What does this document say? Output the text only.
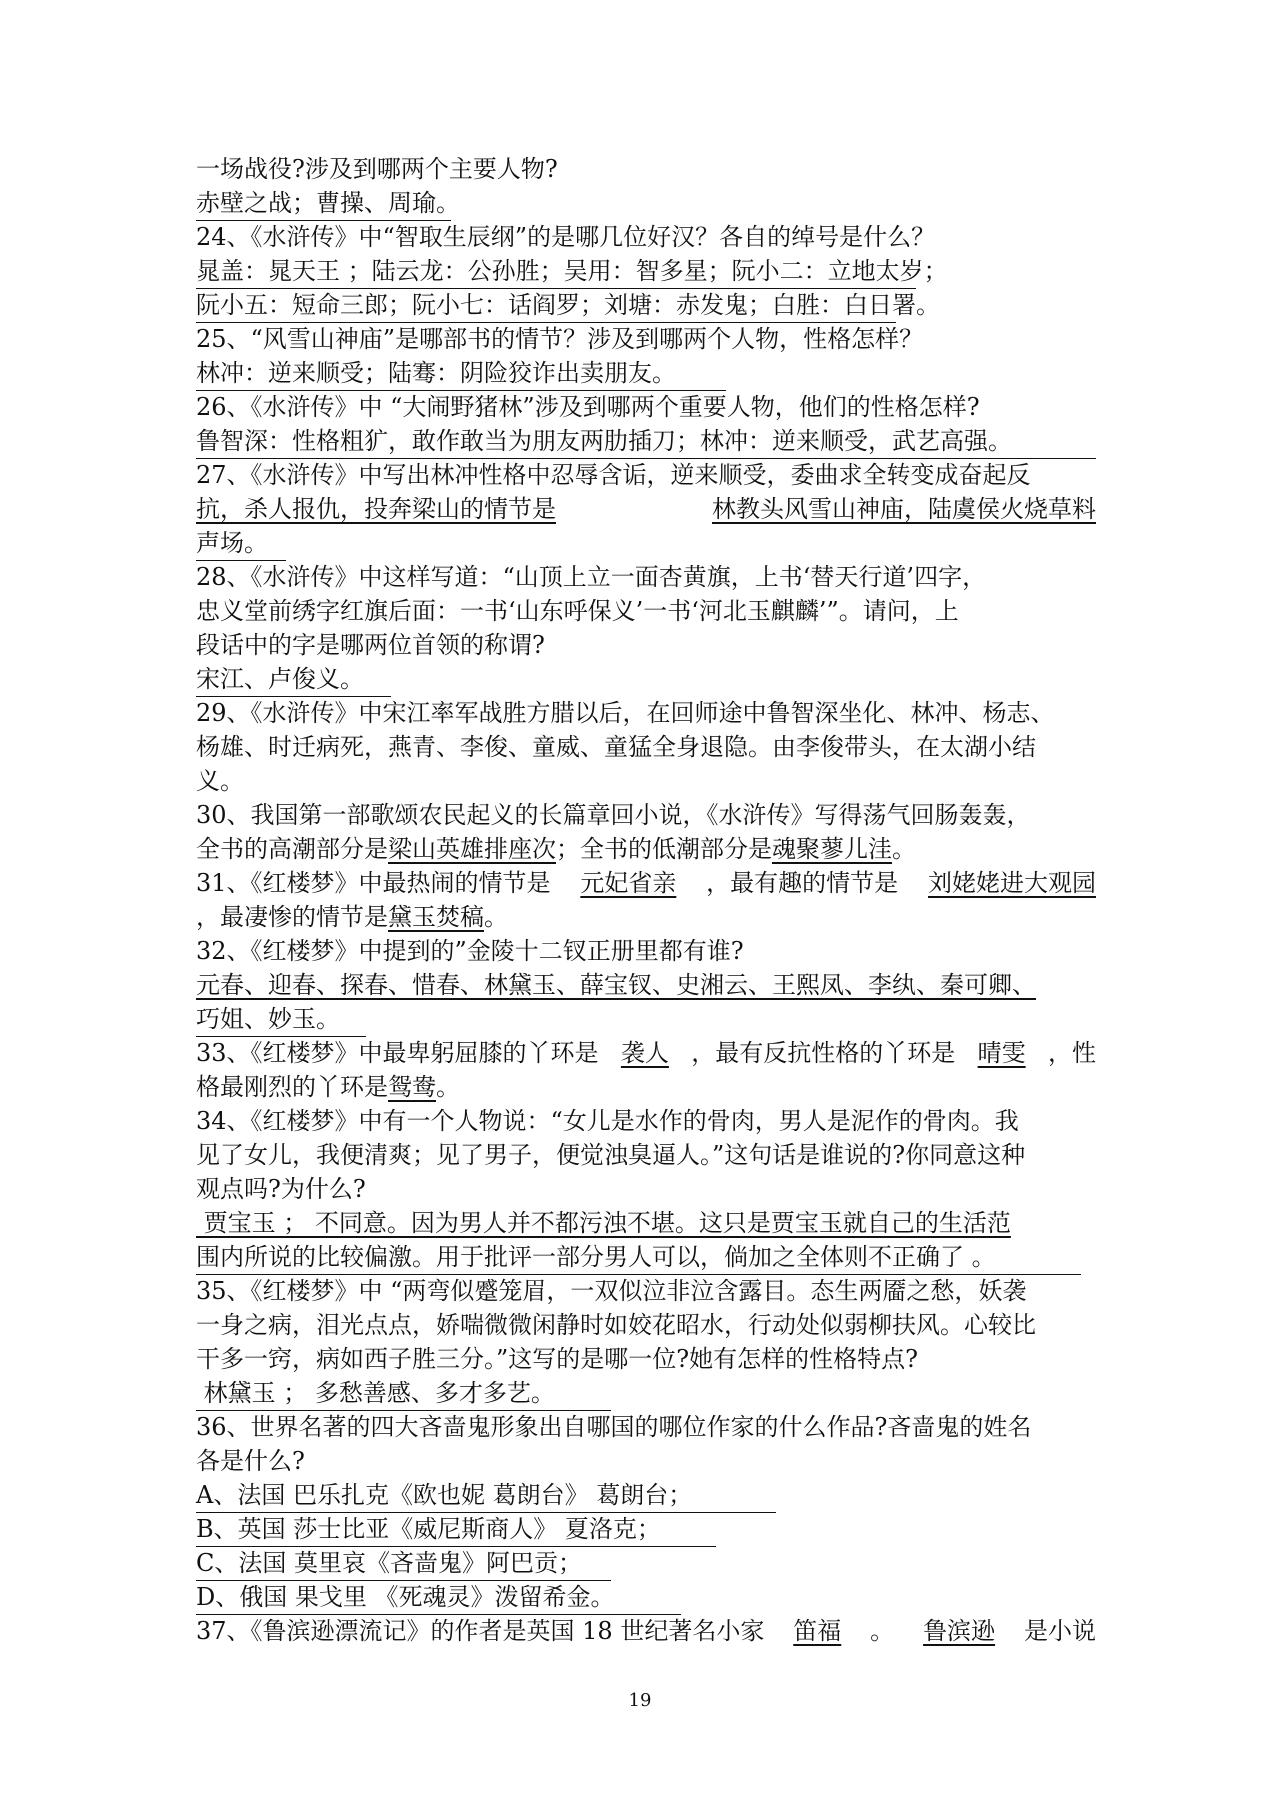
一场战役?涉及到哪两个主要人物?
赤壁之战；曹操、周瑜。
24、《水浒传》中“智取生辰纲”的是哪几位好汉？各自的绰号是什么？
晁盖：晁天王 ；陆云龙：公孙胜；吴用：智多星；阮小二：立地太岁；
阮小五：短命三郎；阮小七：话阎罗；刘塘：赤发鬼；白胜：白日署。
25、“风雪山神庙”是哪部书的情节？涉及到哪两个人物，性格怎样？
林冲：逆来顺受；陆骞：阴险狡诈出卖朋友。
26、《水浒传》中 “大闹野猪林”涉及到哪两个重要人物，他们的性格怎样?
鲁智深：性格粗犷，敢作敢当为朋友两肋插刀；林冲：逆来顺受，武艺高强。
27、《水浒传》中写出林冲性格中忍辱含诟，逆来顺受，委曲求全转变成奋起反
抗，杀人报仇，投奔梁山的情节是	林教头风雪山神庙，陆虞侯火烧草料
声场。
28、《水浒传》中这样写道：“山顶上立一面杏黄旗，上书‘替天行道’四字，
忠义堂前绣字红旗后面：一书‘山东呼保义’一书‘河北玉麒麟’”。请问，上
段话中的字是哪两位首领的称谓?
宋江、卢俊义。
29、《水浒传》中宋江率军战胜方腊以后，在回师途中鲁智深坐化、林冲、杨志、
杨雄、时迁病死，燕青、李俊、童威、童猛全身退隐。由李俊带头，在太湖小结
义。
30、我国第一部歌颂农民起义的长篇章回小说，《水浒传》写得荡气回肠轰轰，
全书的高潮部分是梁山英雄排座次；全书的低潮部分是魂聚蓼儿洼。
31、《红楼梦》中最热闹的情节是 元妃省亲 ，最有趣的情节是 刘姥姥进大观园
，最凄惨的情节是黛玉焚稿。
32、《红楼梦》中提到的”金陵十二钗正册里都有谁?
元春、迎春、探春、惜春、林黛玉、薛宝钗、史湘云、王熙凤、李纨、秦可卿、
巧姐、妙玉。
33、《红楼梦》中最卑躬屈膝的丫环是 袭人 ，最有反抗性格的丫环是 晴雯 ，性
格最刚烈的丫环是鸳鸯。
34、《红楼梦》中有一个人物说：“女儿是水作的骨肉，男人是泥作的骨肉。我
见了女儿，我便清爽；见了男子，便觉浊臭逼人。”这句话是谁说的?你同意这种
观点吗?为什么?
贾宝玉 ； 不同意。因为男人并不都污浊不堪。这只是贾宝玉就自己的生活范
围内所说的比较偏激。用于批评一部分男人可以，倘加之全体则不正确了 。
35、《红楼梦》中 “两弯似蹙笼眉，一双似泣非泣含露目。态生两靥之愁，妖袭
一身之病，泪光点点，娇喘微微闲静时如姣花昭水，行动处似弱柳扶风。心较比
干多一窍，病如西子胜三分。”这写的是哪一位?她有怎样的性格特点?
林黛玉 ； 多愁善感、多才多艺。
36、世界名著的四大吝啬鬼形象出自哪国的哪位作家的什么作品?吝啬鬼的姓名
各是什么?
A、法国 巴乐扎克《欧也妮 葛朗台》 葛朗台；
B、英国 莎士比亚《威尼斯商人》 夏洛克；
C、法国 莫里哀《吝啬鬼》阿巴贡；
D、俄国 果戈里 《死魂灵》泼留希金。
37、《鲁滨逊漂流记》的作者是英国 18 世纪著名小家 笛福 。 鲁滨逊 是小说
19
